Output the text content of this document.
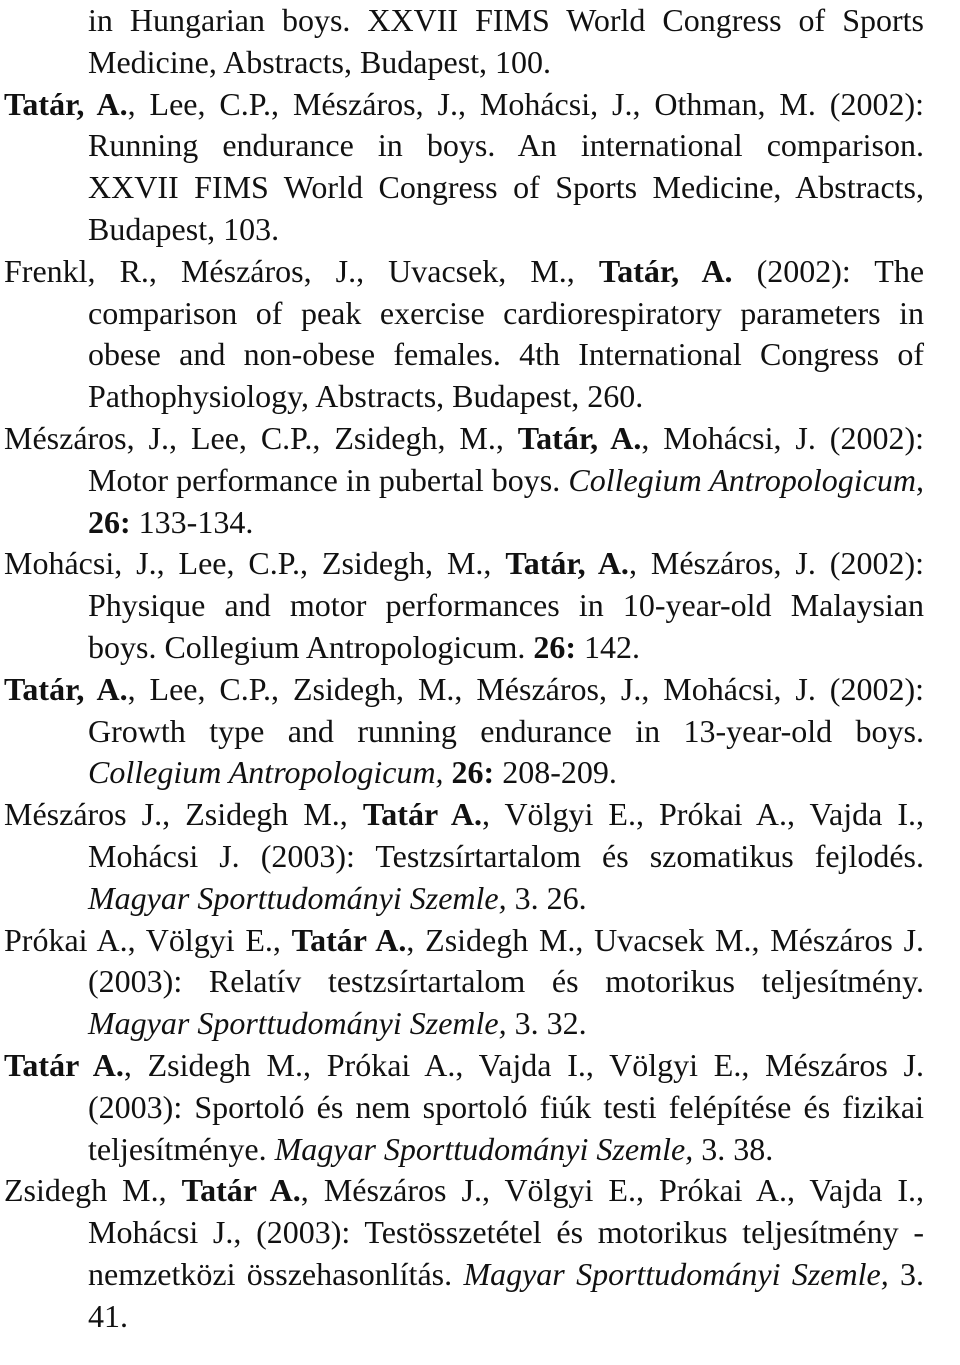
in Hungarian boys. XXVII FIMS World Congress of Sports Medicine, Abstracts, Budapest, 100.

Tatár, A., Lee, C.P., Mészáros, J., Mohácsi, J., Othman, M. (2002): Running endurance in boys. An international comparison. XXVII FIMS World Congress of Sports Medicine, Abstracts, Budapest, 103.

Frenkl, R., Mészáros, J., Uvacsek, M., Tatár, A. (2002): The comparison of peak exercise cardiorespiratory parameters in obese and non-obese females. 4th International Congress of Pathophysiology, Abstracts, Budapest, 260.

Mészáros, J., Lee, C.P., Zsidegh, M., Tatár, A., Mohácsi, J. (2002): Motor performance in pubertal boys. Collegium Antropologicum, 26: 133-134.

Mohácsi, J., Lee, C.P., Zsidegh, M., Tatár, A., Mészáros, J. (2002): Physique and motor performances in 10-year-old Malaysian boys. Collegium Antropologicum. 26: 142.

Tatár, A., Lee, C.P., Zsidegh, M., Mészáros, J., Mohácsi, J. (2002): Growth type and running endurance in 13-year-old boys. Collegium Antropologicum, 26: 208-209.

Mészáros J., Zsidegh M., Tatár A., Völgyi E., Prókai A., Vajda I., Mohácsi J. (2003): Testzsírtartalom és szomatikus fejlodés. Magyar Sporttudományi Szemle, 3. 26.

Prókai A., Völgyi E., Tatár A., Zsidegh M., Uvacsek M., Mészáros J. (2003): Relatív testzsírtartalom és motorikus teljesítmény. Magyar Sporttudományi Szemle, 3. 32.

Tatár A., Zsidegh M., Prókai A., Vajda I., Völgyi E., Mészáros J. (2003): Sportoló és nem sportoló fiúk testi felépítése és fizikai teljesítménye. Magyar Sporttudományi Szemle, 3. 38.

Zsidegh M., Tatár A., Mészáros J., Völgyi E., Prókai A., Vajda I., Mohácsi J., (2003): Testösszetétel és motorikus teljesítmény - nemzetközi összehasonlítás. Magyar Sporttudományi Szemle, 3. 41.
